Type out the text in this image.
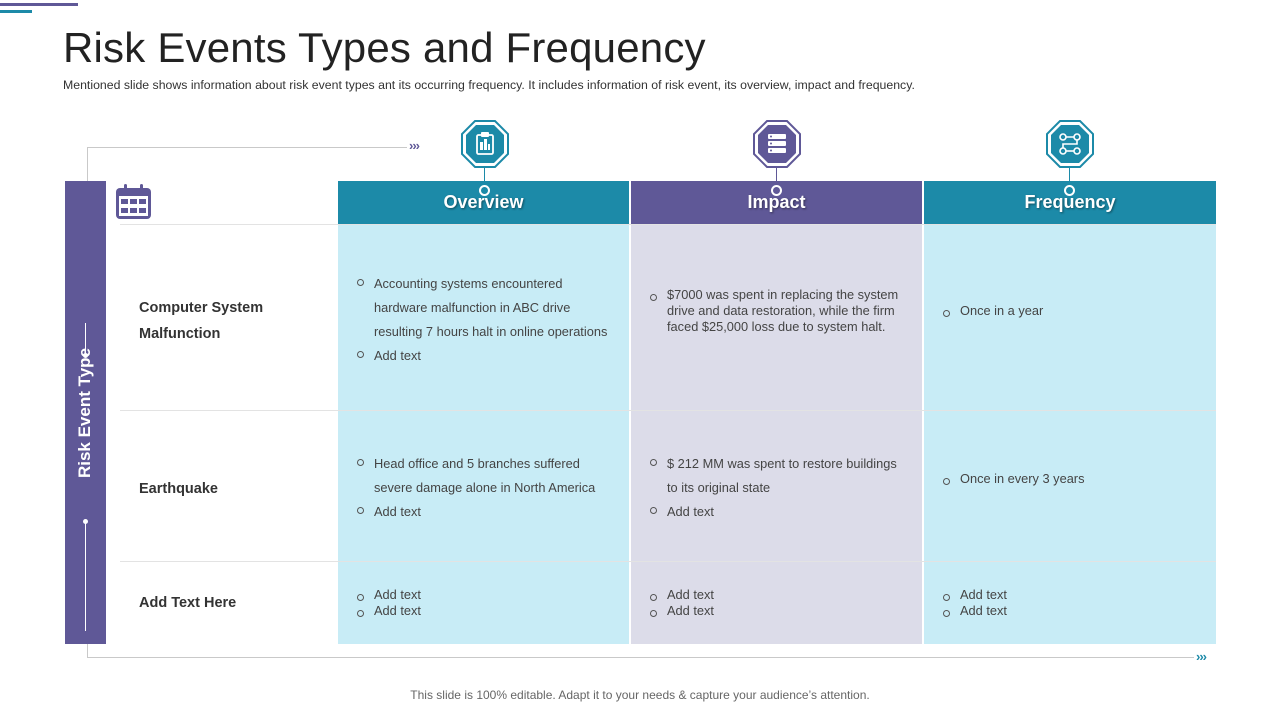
Risk Events Types and Frequency

Mentioned slide shows information about risk event types ant its occurring frequency. It includes information of risk event, its overview, impact and frequency.

›››
›››
Risk Event Type
Overview	Impact	Frequency
Computer System
Malfunction
Accounting systems encountered
hardware malfunction in ABC drive
resulting 7 hours halt in online operations
Add text
$7000 was spent in replacing the system
drive and data restoration, while the firm
faced $25,000 loss due to system halt.
Once in a year
Earthquake
Head office and 5 branches suffered
severe damage alone in North America
Add text
$ 212 MM was spent to restore buildings
to its original state
Add text
Once in every 3 years
Add Text Here
Add text
Add text
Add text
Add text
Add text
Add text

This slide is 100% editable. Adapt it to your needs & capture your audience’s attention.
